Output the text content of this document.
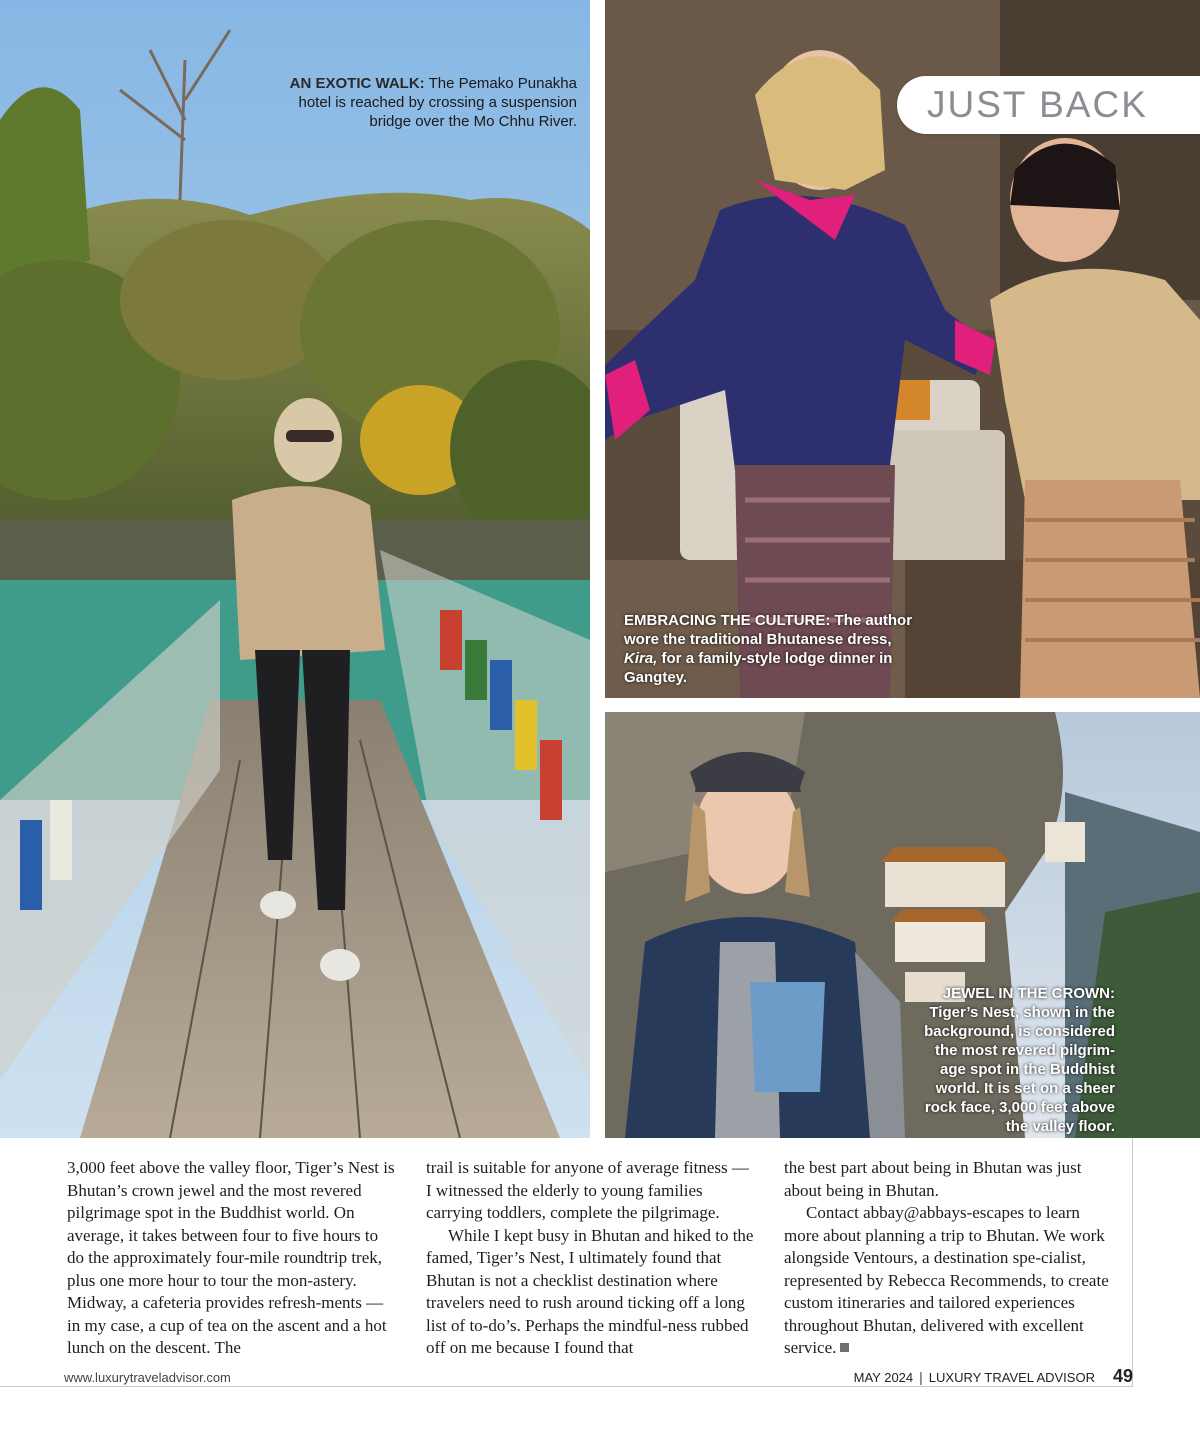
AN EXOTIC WALK: The Pemako Punakha hotel is reached by crossing a suspension bridge over the Mo Chhu River.
EMBRACING THE CULTURE: The author wore the traditional Bhutanese dress, Kira, for a family-style lodge dinner in Gangtey.
JUST BACK
JEWEL IN THE CROWN: Tiger’s Nest, shown in the background, is considered the most revered pilgrim-age spot in the Buddhist world. It is set on a sheer rock face, 3,000 feet above the valley floor.

3,000 feet above the valley floor, Tiger’s Nest is Bhutan’s crown jewel and the most revered pilgrimage spot in the Buddhist world. On average, it takes between four to five hours to do the approximately four-mile roundtrip trek, plus one more hour to tour the mon-astery. Midway, a cafeteria provides refresh-ments — in my case, a cup of tea on the ascent and a hot lunch on the descent. The

trail is suitable for anyone of average fitness — I witnessed the elderly to young families carrying toddlers, complete the pilgrimage.

While I kept busy in Bhutan and hiked to the famed, Tiger’s Nest, I ultimately found that Bhutan is not a checklist destination where travelers need to rush around ticking off a long list of to-do’s. Perhaps the mindful-ness rubbed off on me because I found that

the best part about being in Bhutan was just about being in Bhutan.

Contact abbay@abbays-escapes to learn more about planning a trip to Bhutan. We work alongside Ventours, a destination spe-cialist, represented by Rebecca Recommends, to create custom itineraries and tailored experiences throughout Bhutan, delivered with excellent service.

www.luxurytraveladvisor.com	MAY 2024 | LUXURY TRAVEL ADVISOR 49
